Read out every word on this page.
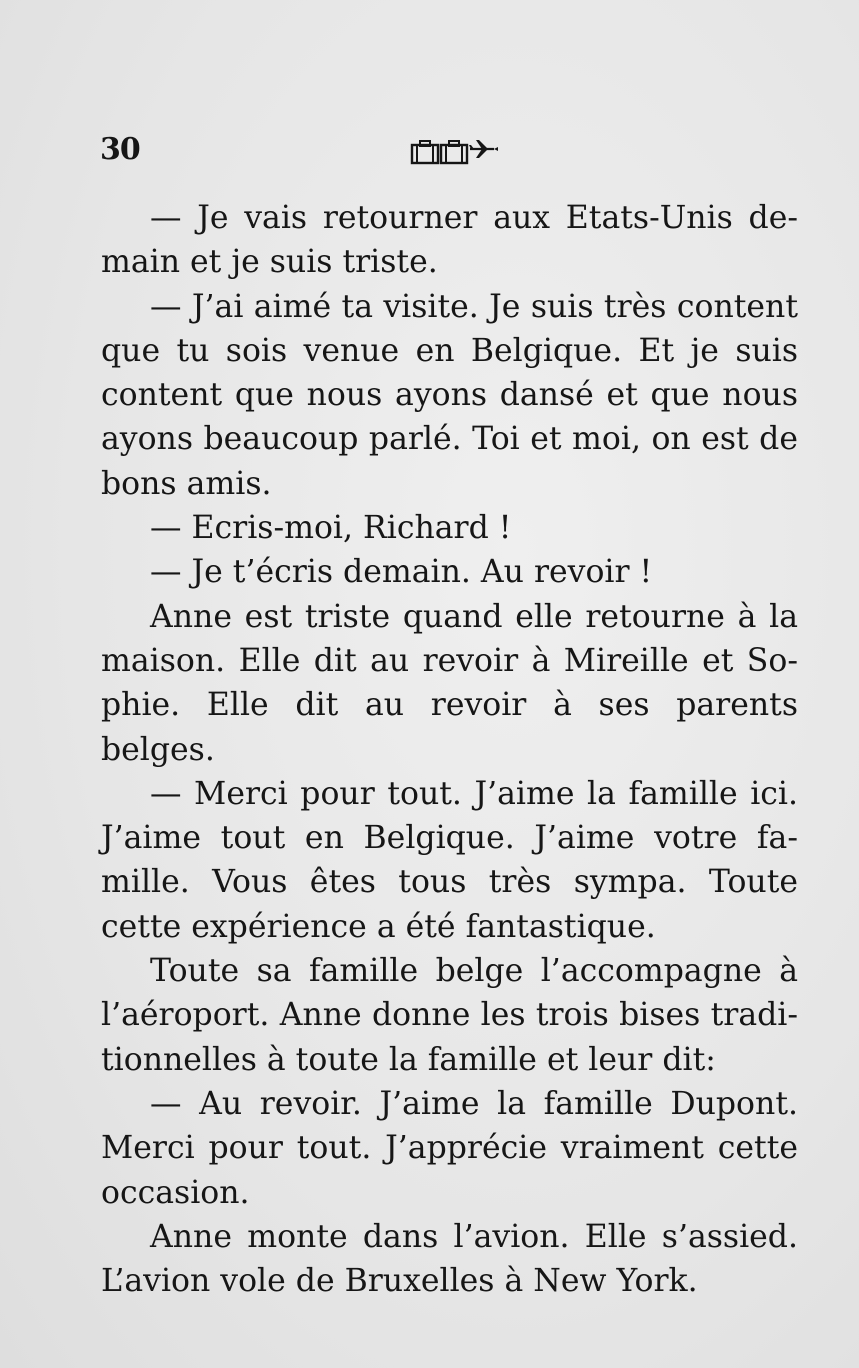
30

— Je vais retourner aux Etats-Unis demain et je suis triste.

— J’ai aimé ta visite. Je suis très content que tu sois venue en Belgique. Et je suis content que nous ayons dansé et que nous ayons beaucoup parlé. Toi et moi, on est de bons amis.

— Ecris-moi, Richard !

— Je t’écris demain. Au revoir !

Anne est triste quand elle retourne à la maison. Elle dit au revoir à Mireille et Sophie. Elle dit au revoir à ses parents belges.

— Merci pour tout. J’aime la famille ici. J’aime tout en Belgique. J’aime votre famille. Vous êtes tous très sympa. Toute cette expérience a été fantastique.

Toute sa famille belge l’accompagne à l’aéroport. Anne donne les trois bises traditionnelles à toute la famille et leur dit:

— Au revoir. J’aime la famille Dupont. Merci pour tout. J’apprécie vraiment cette occasion.

Anne monte dans l’avion. Elle s’assied. L’avion vole de Bruxelles à New York.
